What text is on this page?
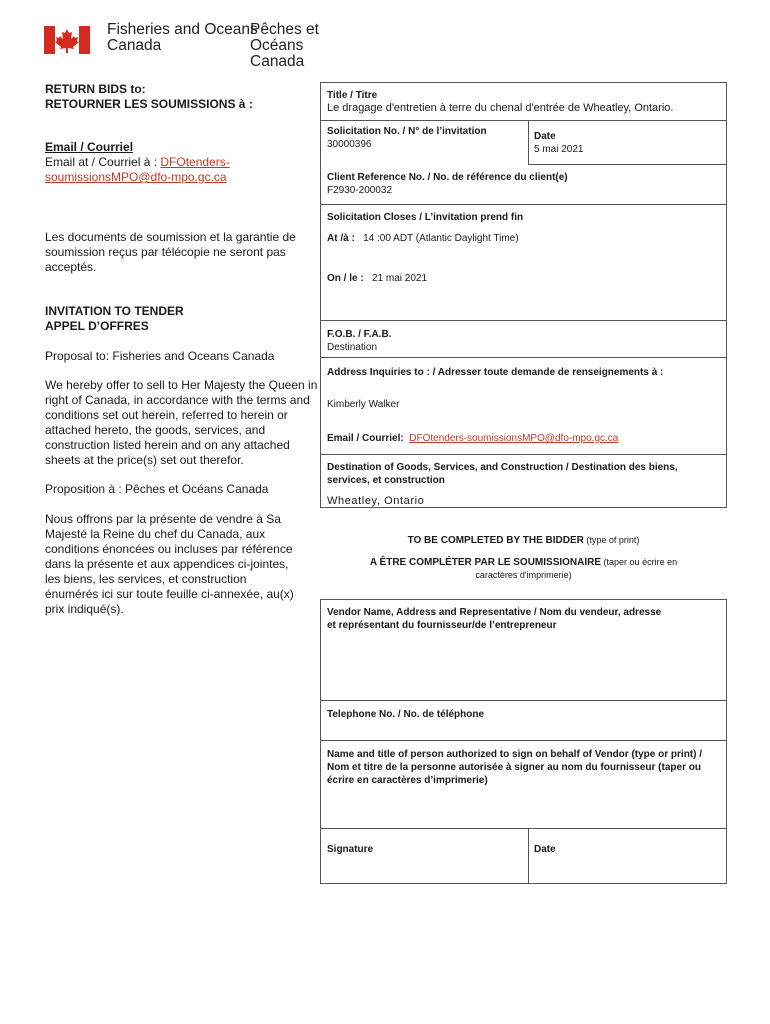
Fisheries and Oceans
Canada
Pêches et Océans
Canada
RETURN BIDS to:
RETOURNER LES SOUMISSIONS à :
Email / Courriel
Email at / Courriel à : DFOtenders-
soumissionsMPO@dfo-mpo.gc.ca
Les documents de soumission et la garantie de soumission reçus par télécopie ne seront pas acceptés.
INVITATION TO TENDER
APPEL D’OFFRES
Proposal to: Fisheries and Oceans Canada
We hereby offer to sell to Her Majesty the Queen in right of Canada, in accordance with the terms and conditions set out herein, referred to herein or attached hereto, the goods, services, and construction listed herein and on any attached sheets at the price(s) set out therefor.
Proposition à : Pêches et Océans Canada
Nous offrons par la présente de vendre à Sa Majesté la Reine du chef du Canada, aux conditions énoncées ou incluses par référence dans la présente et aux appendices ci-jointes, les biens, les services, et construction énumérés ici sur toute feuille ci-annexée, au(x) prix indiqué(s).
Title / Titre
Le dragage d'entretien à terre du chenal d'entrée de Wheatley, Ontario.
Solicitation No. / N° de l’invitation
30000396
Date
5 mai 2021
Client Reference No. / No. de référence du client(e)
F2930-200032
Solicitation Closes / L’invitation prend fin
At /à : 14 :00 ADT (Atlantic Daylight Time)
On / le : 21 mai 2021
F.O.B. / F.A.B.
Destination
Address Inquiries to : / Adresser toute demande de renseignements à :
Kimberly Walker
Email / Courriel: DFOtenders-soumissionsMPO@dfo-mpo.gc.ca
Destination of Goods, Services, and Construction / Destination des biens, services, et construction
Wheatley, Ontario
TO BE COMPLETED BY THE BIDDER (type of print)
A ÊTRE COMPLÉTER PAR LE SOUMISSIONAIRE (taper ou écrire en
caractères d'imprimerie)
Vendor Name, Address and Representative / Nom du vendeur, adresse
et représentant du fournisseur/de l’entrepreneur
Telephone No. / No. de téléphone
Name and title of person authorized to sign on behalf of Vendor (type or print) / Nom et titre de la personne autorisée à signer au nom du fournisseur (taper ou écrire en caractères d’imprimerie)
Signature	Date
